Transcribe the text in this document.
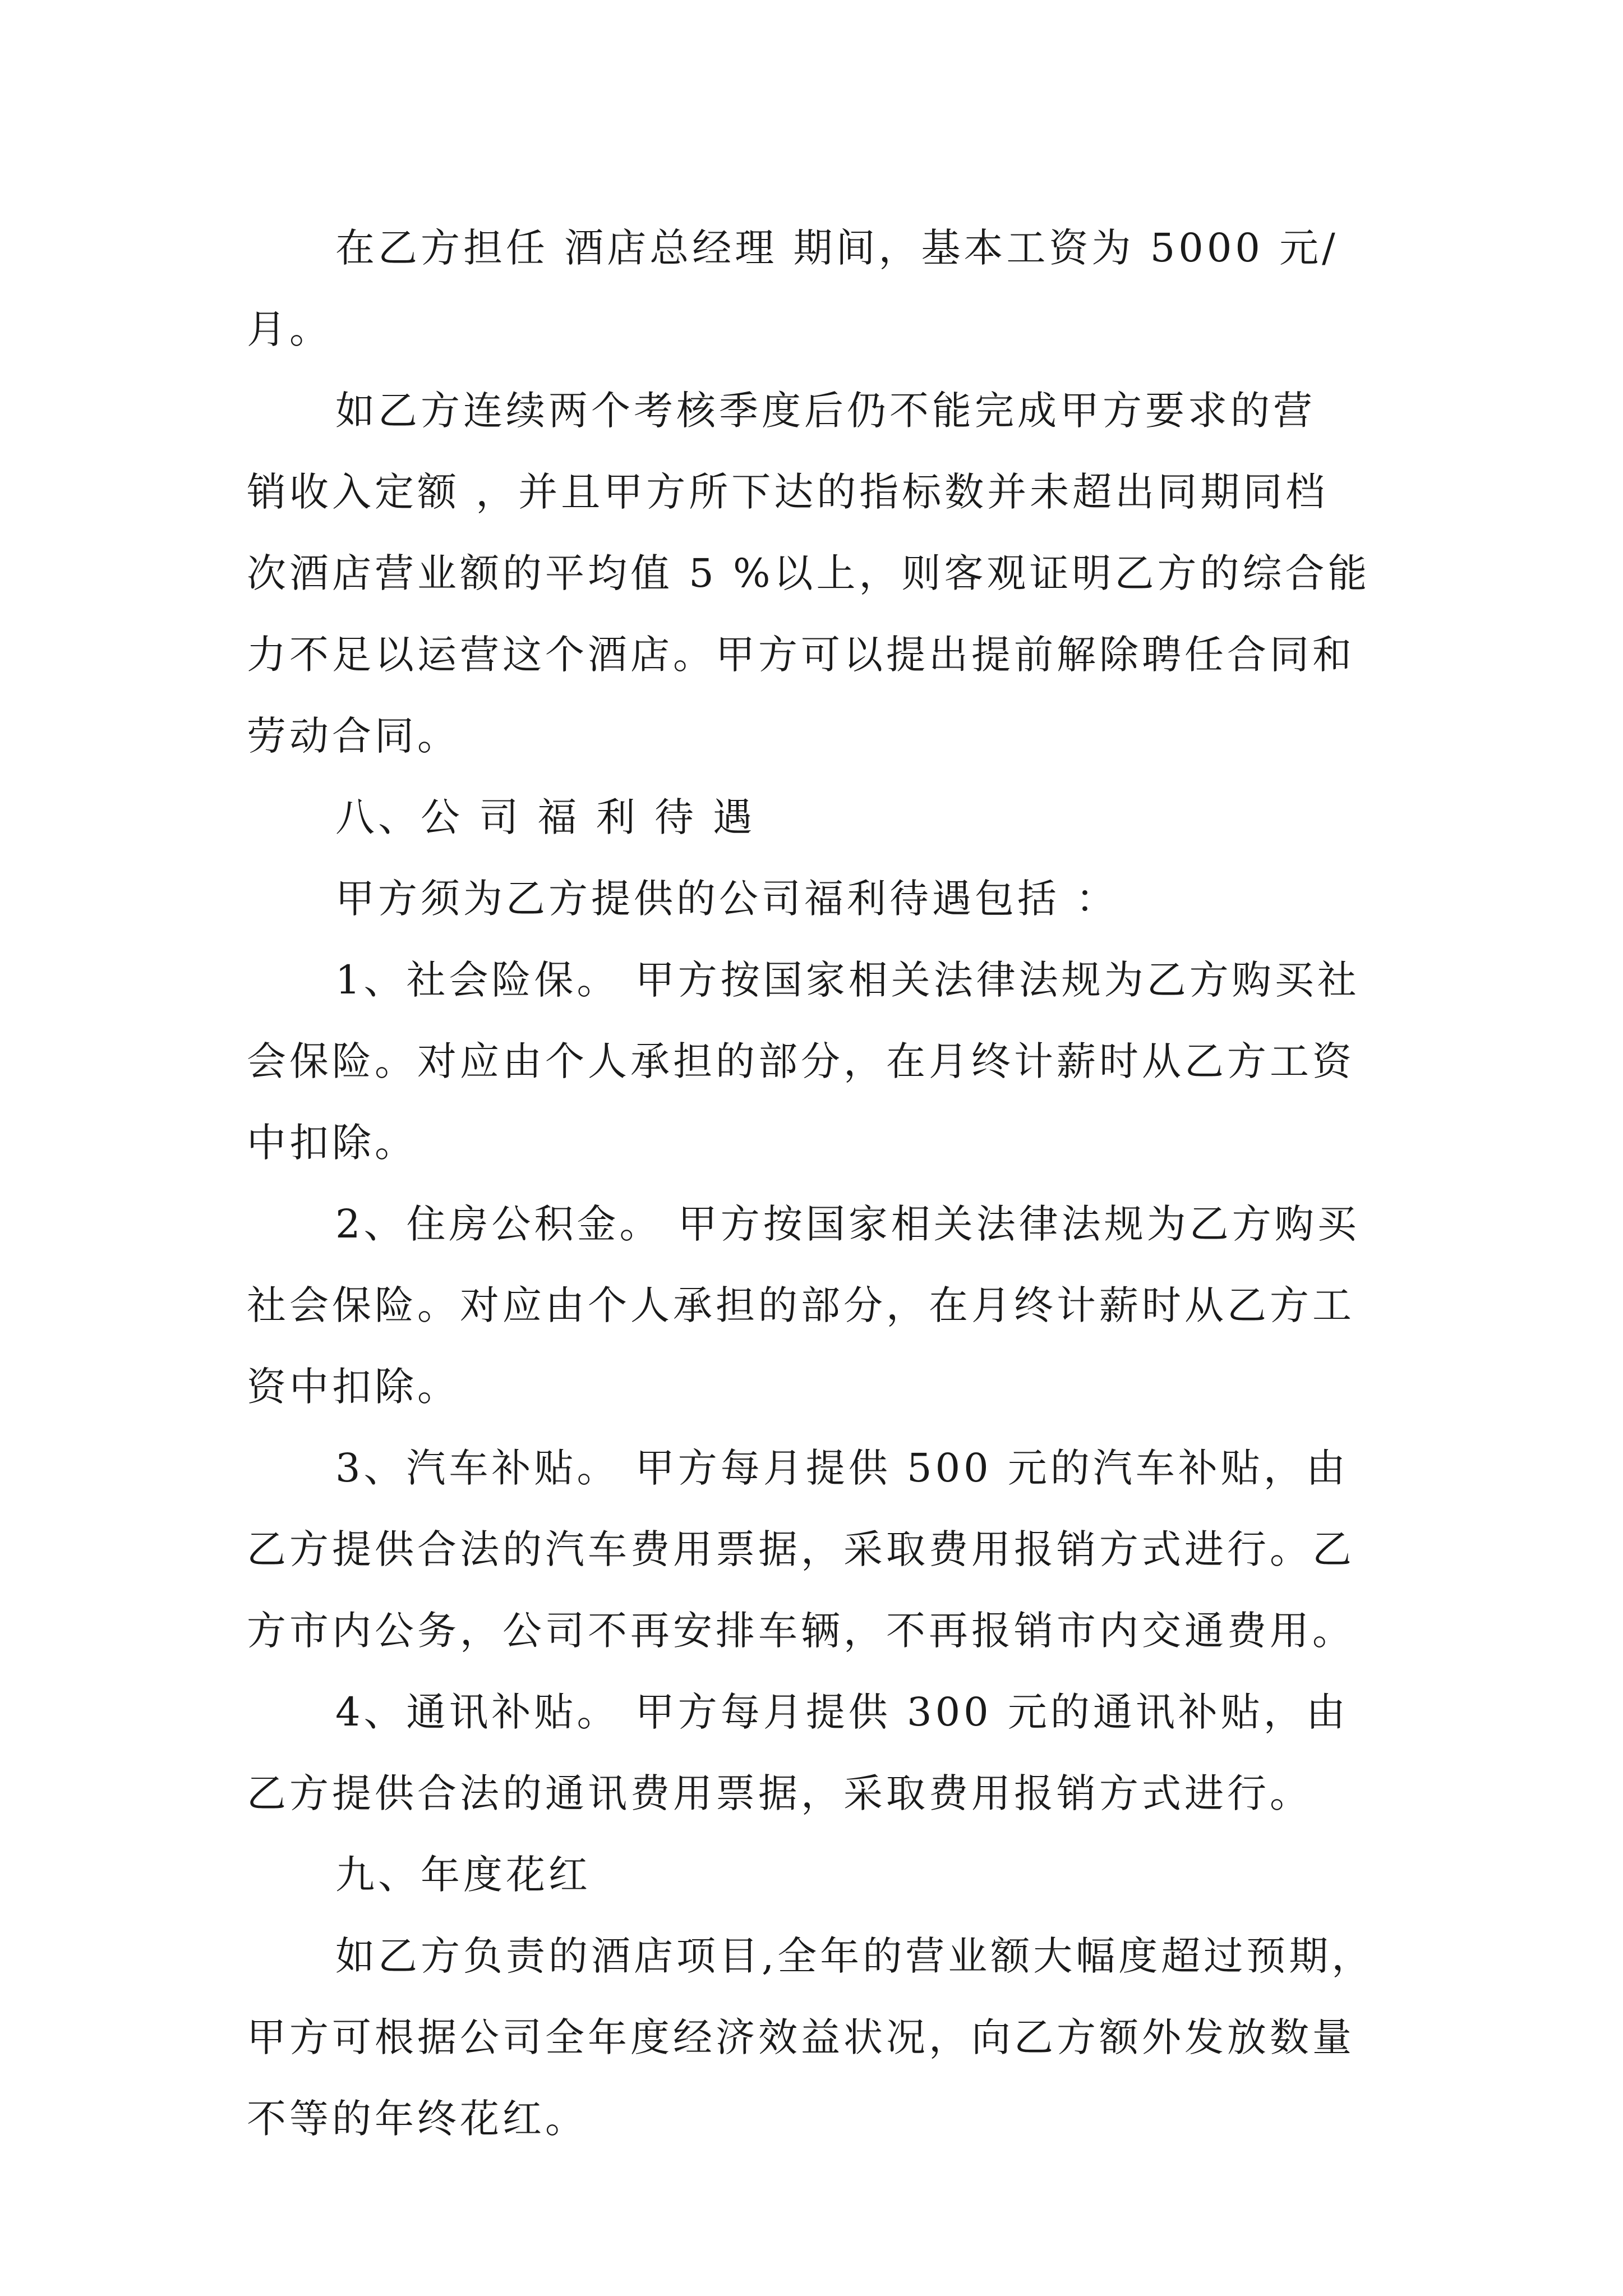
在乙方担任 酒店总经理 期间，基本工资为 5000 元/
月。
如乙方连续两个考核季度后仍不能完成甲方要求的营
销收入定额 ，并且甲方所下达的指标数并未超出同期同档
次酒店营业额的平均值 5 %以上，则客观证明乙方的综合能
力不足以运营这个酒店。甲方可以提出提前解除聘任合同和
劳动合同。
八、公 司 福 利 待 遇
甲方须为乙方提供的公司福利待遇包括 ：
1、社会险保。 甲方按国家相关法律法规为乙方购买社
会保险。对应由个人承担的部分，在月终计薪时从乙方工资
中扣除。
2、住房公积金。 甲方按国家相关法律法规为乙方购买
社会保险。对应由个人承担的部分，在月终计薪时从乙方工
资中扣除。
3、汽车补贴。 甲方每月提供 500 元的汽车补贴，由
乙方提供合法的汽车费用票据，采取费用报销方式进行。乙
方市内公务，公司不再安排车辆，不再报销市内交通费用。
4、通讯补贴。 甲方每月提供 300 元的通讯补贴，由
乙方提供合法的通讯费用票据，采取费用报销方式进行。
九、年度花红
如乙方负责的酒店项目,全年的营业额大幅度超过预期，
甲方可根据公司全年度经济效益状况，向乙方额外发放数量
不等的年终花红。
